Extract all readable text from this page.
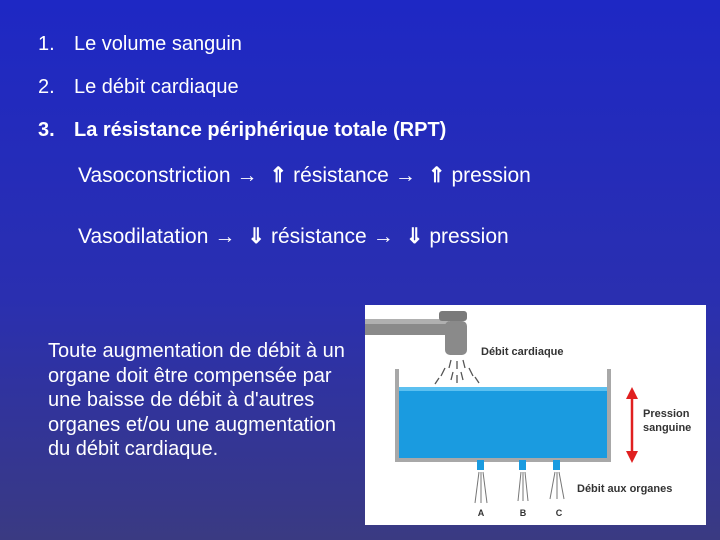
1. Le volume sanguin
2. Le débit cardiaque
3. La résistance périphérique totale (RPT)
Vasoconstriction → ⇑ résistance → ⇑ pression
Vasodilatation → ⇓ résistance → ⇓ pression
Toute augmentation de débit à un organe doit être compensée par une baisse de débit à d'autres organes et/ou une augmentation du débit cardiaque.
A	B	C
Débit cardiaque
Pression
sanguine
Débit aux organes
